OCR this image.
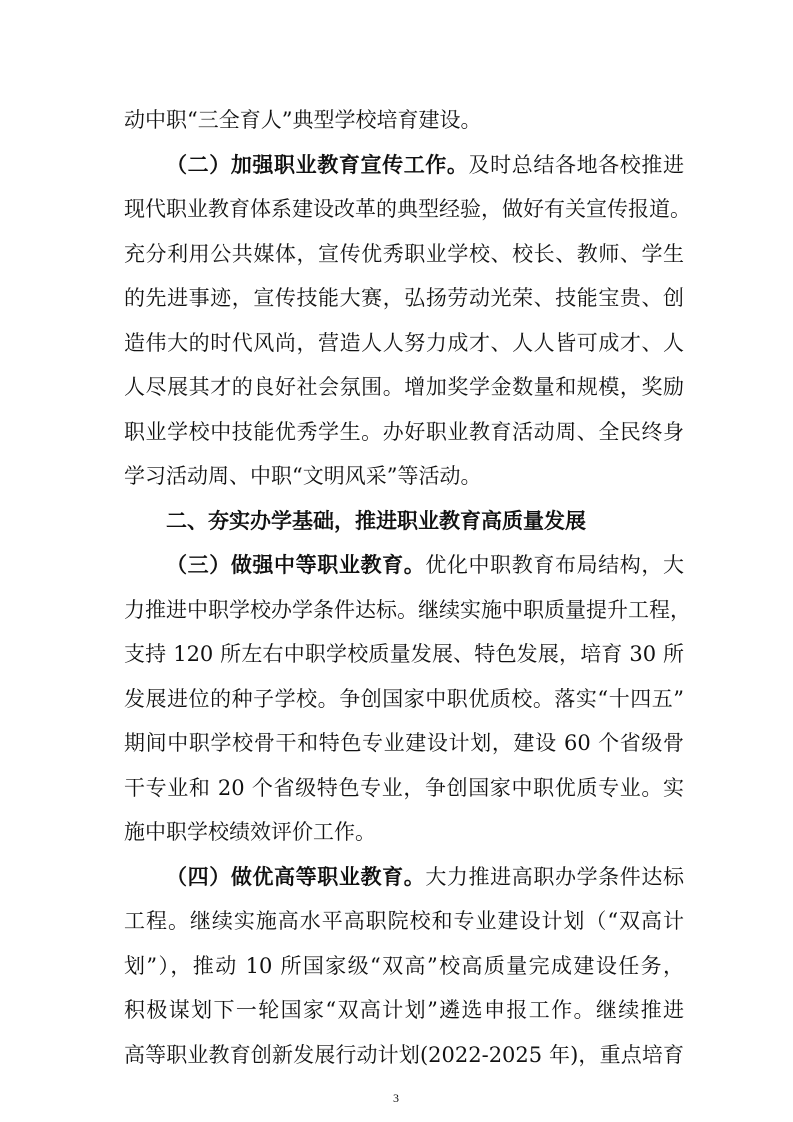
动中职“三全育人”典型学校培育建设。
（二）加强职业教育宣传工作。及时总结各地各校推进
现代职业教育体系建设改革的典型经验，做好有关宣传报道。
充分利用公共媒体，宣传优秀职业学校、校长、教师、学生
的先进事迹，宣传技能大赛，弘扬劳动光荣、技能宝贵、创
造伟大的时代风尚，营造人人努力成才、人人皆可成才、人
人尽展其才的良好社会氛围。增加奖学金数量和规模，奖励
职业学校中技能优秀学生。办好职业教育活动周、全民终身
学习活动周、中职“文明风采”等活动。
二、夯实办学基础，推进职业教育高质量发展
（三）做强中等职业教育。优化中职教育布局结构，大
力推进中职学校办学条件达标。继续实施中职质量提升工程，
支持 120 所左右中职学校质量发展、特色发展，培育 30 所
发展进位的种子学校。争创国家中职优质校。落实“十四五”
期间中职学校骨干和特色专业建设计划，建设 60 个省级骨
干专业和 20 个省级特色专业，争创国家中职优质专业。实
施中职学校绩效评价工作。
（四）做优高等职业教育。大力推进高职办学条件达标
工程。继续实施高水平高职院校和专业建设计划（“双高计
划”），推动 10 所国家级“双高”校高质量完成建设任务，
积极谋划下一轮国家“双高计划”遴选申报工作。继续推进
高等职业教育创新发展行动计划(2022-2025 年)，重点培育
3
